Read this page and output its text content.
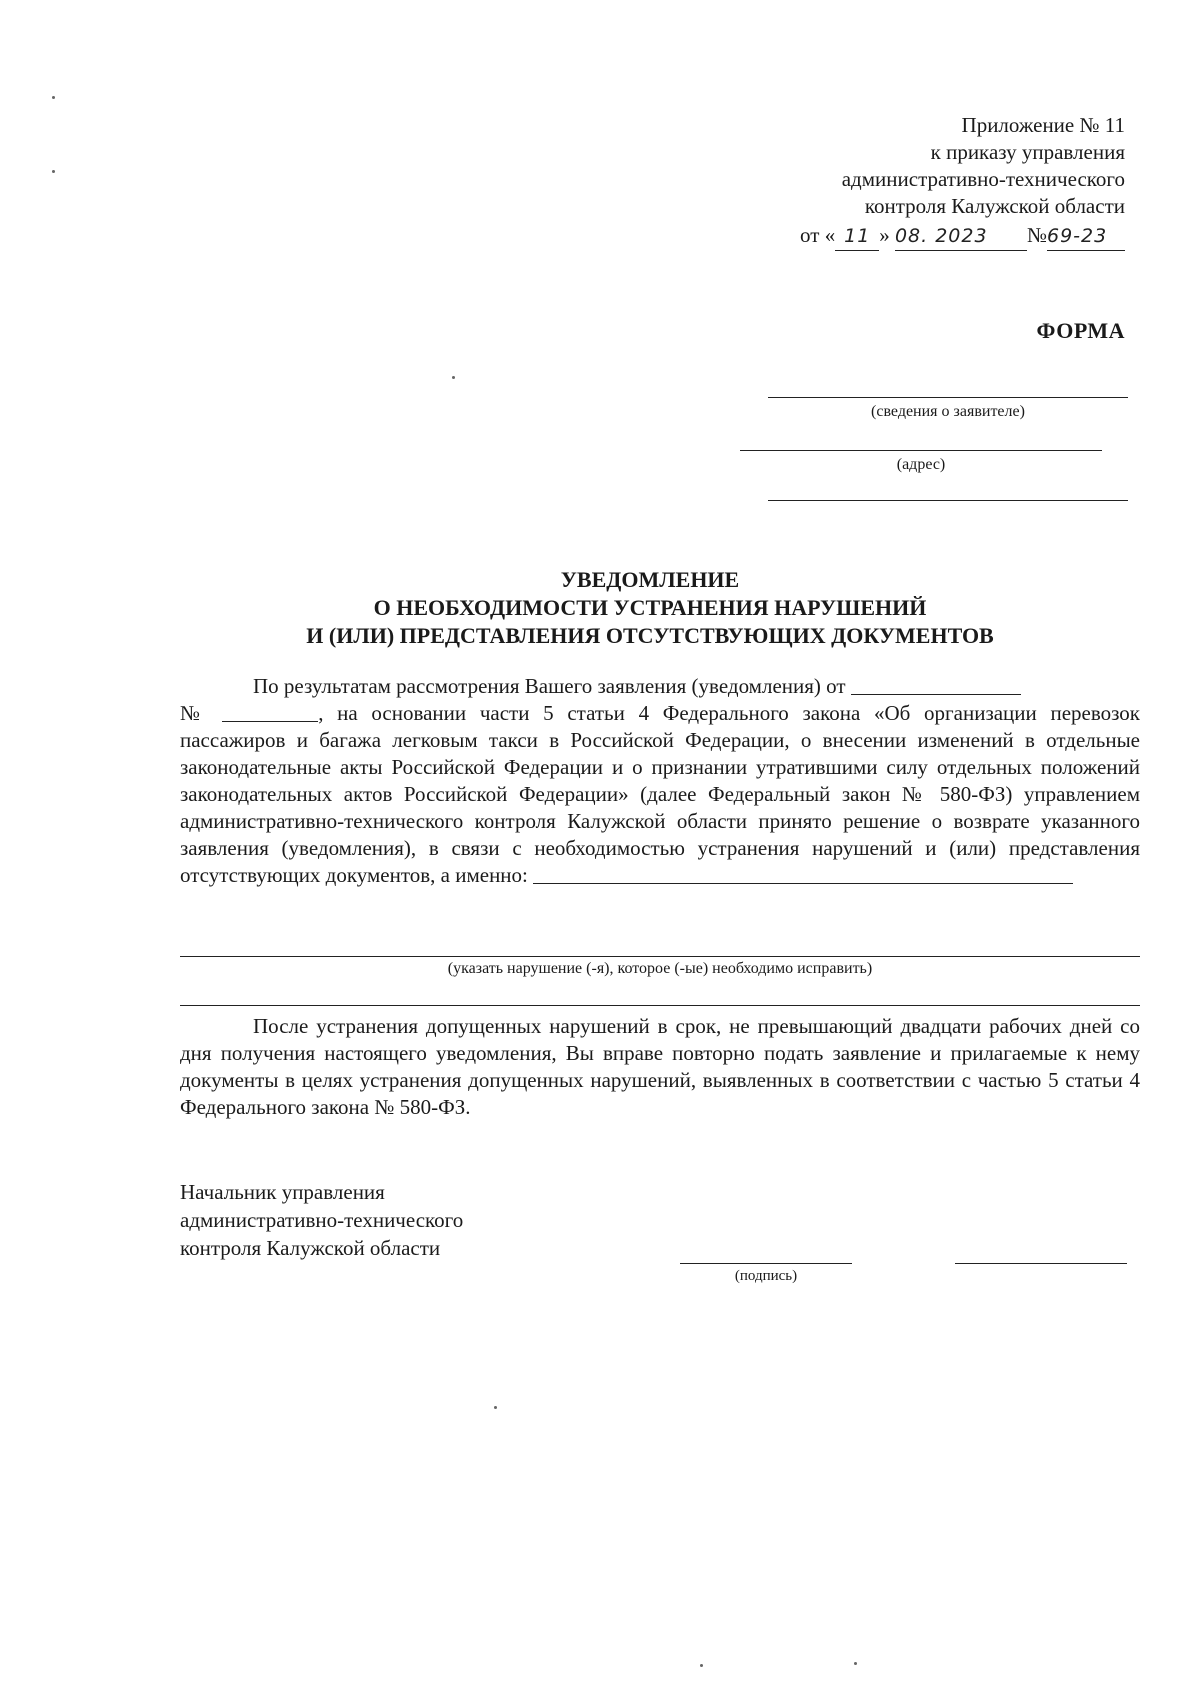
Приложение № 11
к приказу управления
административно-технического
контроля Калужской области
от « 11 » 08. 2023 №69-23
ФОРМА
(сведения о заявителе)
(адрес)
УВЕДОМЛЕНИЕ
О НЕОБХОДИМОСТИ УСТРАНЕНИЯ НАРУШЕНИЙ
И (ИЛИ) ПРЕДСТАВЛЕНИЯ ОТСУТСТВУЮЩИХ ДОКУМЕНТОВ
По результатам рассмотрения Вашего заявления (уведомления) от
№	, на основании части 5 статьи 4 Федерального закона «Об организации перевозок пассажиров и багажа легковым такси в Российской Федерации, о внесении изменений в отдельные законодательные акты Российской Федерации и о признании утратившими силу отдельных положений законодательных актов Российской Федерации» (далее Федеральный закон № 580-ФЗ) управлением административно-технического контроля Калужской области принято решение о возврате указанного заявления (уведомления), в связи с необходимостью устранения нарушений и (или) представления отсутствующих документов, а именно:
(указать нарушение (-я), которое (-ые) необходимо исправить)
После устранения допущенных нарушений в срок, не превышающий двадцати рабочих дней со дня получения настоящего уведомления, Вы вправе повторно подать заявление и прилагаемые к нему документы в целях устранения допущенных нарушений, выявленных в соответствии с частью 5 статьи 4 Федерального закона № 580-ФЗ.
Начальник управления
административно-технического
контроля Калужской области
(подпись)
